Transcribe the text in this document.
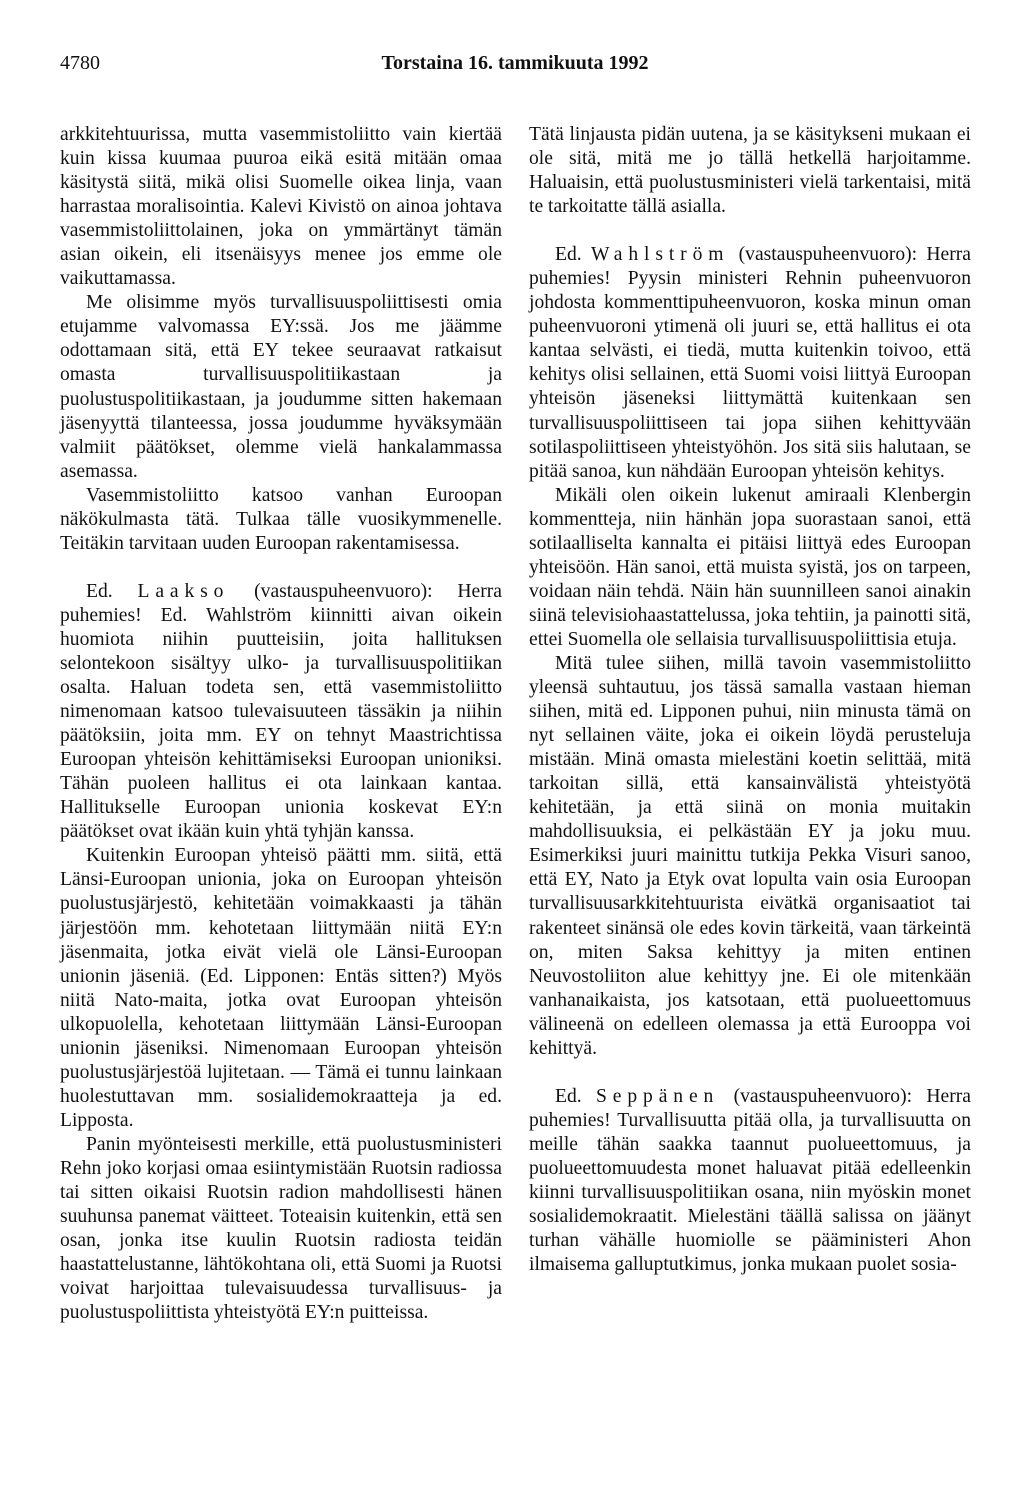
4780	Torstaina 16. tammikuuta 1992

arkkitehtuurissa, mutta vasemmistoliitto vain kiertää kuin kissa kuumaa puuroa eikä esitä mitään omaa käsitystä siitä, mikä olisi Suomelle oikea linja, vaan harrastaa moralisointia. Kalevi Kivistö on ainoa johtava vasemmistoliittolainen, joka on ymmärtänyt tämän asian oikein, eli itsenäisyys menee jos emme ole vaikuttamassa.

Me olisimme myös turvallisuuspoliittisesti omia etujamme valvomassa EY:ssä. Jos me jäämme odottamaan sitä, että EY tekee seuraavat ratkaisut omasta turvallisuuspolitiikastaan ja puolustuspolitiikastaan, ja joudumme sitten hakemaan jäsenyyttä tilanteessa, jossa joudumme hyväksymään valmiit päätökset, olemme vielä hankalammassa asemassa.

Vasemmistoliitto katsoo vanhan Euroopan näkökulmasta tätä. Tulkaa tälle vuosikymmenelle. Teitäkin tarvitaan uuden Euroopan rakentamisessa.

Ed. Laakso (vastauspuheenvuoro): Herra puhemies! Ed. Wahlström kiinnitti aivan oikein huomiota niihin puutteisiin, joita hallituksen selontekoon sisältyy ulko- ja turvallisuuspolitiikan osalta. Haluan todeta sen, että vasemmistoliitto nimenomaan katsoo tulevaisuuteen tässäkin ja niihin päätöksiin, joita mm. EY on tehnyt Maastrichtissa Euroopan yhteisön kehittämiseksi Euroopan unioniksi. Tähän puoleen hallitus ei ota lainkaan kantaa. Hallitukselle Euroopan unionia koskevat EY:n päätökset ovat ikään kuin yhtä tyhjän kanssa.

Kuitenkin Euroopan yhteisö päätti mm. siitä, että Länsi-Euroopan unionia, joka on Euroopan yhteisön puolustusjärjestö, kehitetään voimakkaasti ja tähän järjestöön mm. kehotetaan liittymään niitä EY:n jäsenmaita, jotka eivät vielä ole Länsi-Euroopan unionin jäseniä. (Ed. Lipponen: Entäs sitten?) Myös niitä Nato-maita, jotka ovat Euroopan yhteisön ulkopuolella, kehotetaan liittymään Länsi-Euroopan unionin jäseniksi. Nimenomaan Euroopan yhteisön puolustusjärjestöä lujitetaan. — Tämä ei tunnu lainkaan huolestuttavan mm. sosialidemokraatteja ja ed. Lipposta.

Panin myönteisesti merkille, että puolustusministeri Rehn joko korjasi omaa esiintymistään Ruotsin radiossa tai sitten oikaisi Ruotsin radion mahdollisesti hänen suuhunsa panemat väitteet. Toteaisin kuitenkin, että sen osan, jonka itse kuulin Ruotsin radiosta teidän haastattelustanne, lähtökohtana oli, että Suomi ja Ruotsi voivat harjoittaa tulevaisuudessa turvallisuus- ja puolustuspoliittista yhteistyötä EY:n puitteissa.

Tätä linjausta pidän uutena, ja se käsitykseni mukaan ei ole sitä, mitä me jo tällä hetkellä harjoitamme. Haluaisin, että puolustusministeri vielä tarkentaisi, mitä te tarkoitatte tällä asialla.

Ed. Wahlström (vastauspuheenvuoro): Herra puhemies! Pyysin ministeri Rehnin puheenvuoron johdosta kommenttipuheenvuoron, koska minun oman puheenvuoroni ytimenä oli juuri se, että hallitus ei ota kantaa selvästi, ei tiedä, mutta kuitenkin toivoo, että kehitys olisi sellainen, että Suomi voisi liittyä Euroopan yhteisön jäseneksi liittymättä kuitenkaan sen turvallisuuspoliittiseen tai jopa siihen kehittyvään sotilaspoliittiseen yhteistyöhön. Jos sitä siis halutaan, se pitää sanoa, kun nähdään Euroopan yhteisön kehitys.

Mikäli olen oikein lukenut amiraali Klenbergin kommentteja, niin hänhän jopa suorastaan sanoi, että sotilaalliselta kannalta ei pitäisi liittyä edes Euroopan yhteisöön. Hän sanoi, että muista syistä, jos on tarpeen, voidaan näin tehdä. Näin hän suunnilleen sanoi ainakin siinä televisiohaastattelussa, joka tehtiin, ja painotti sitä, ettei Suomella ole sellaisia turvallisuuspoliittisia etuja.

Mitä tulee siihen, millä tavoin vasemmistoliitto yleensä suhtautuu, jos tässä samalla vastaan hieman siihen, mitä ed. Lipponen puhui, niin minusta tämä on nyt sellainen väite, joka ei oikein löydä perusteluja mistään. Minä omasta mielestäni koetin selittää, mitä tarkoitan sillä, että kansainvälistä yhteistyötä kehitetään, ja että siinä on monia muitakin mahdollisuuksia, ei pelkästään EY ja joku muu. Esimerkiksi juuri mainittu tutkija Pekka Visuri sanoo, että EY, Nato ja Etyk ovat lopulta vain osia Euroopan turvallisuusarkkitehtuurista eivätkä organisaatiot tai rakenteet sinänsä ole edes kovin tärkeitä, vaan tärkeintä on, miten Saksa kehittyy ja miten entinen Neuvostoliiton alue kehittyy jne. Ei ole mitenkään vanhanaikaista, jos katsotaan, että puolueettomuus välineenä on edelleen olemassa ja että Eurooppa voi kehittyä.

Ed. Seppänen (vastauspuheenvuoro): Herra puhemies! Turvallisuutta pitää olla, ja turvallisuutta on meille tähän saakka taannut puolueettomuus, ja puolueettomuudesta monet haluavat pitää edelleenkin kiinni turvallisuuspolitiikan osana, niin myöskin monet sosialidemokraatit. Mielestäni täällä salissa on jäänyt turhan vähälle huomiolle se pääministeri Ahon ilmaisema galluptutkimus, jonka mukaan puolet sosia-
